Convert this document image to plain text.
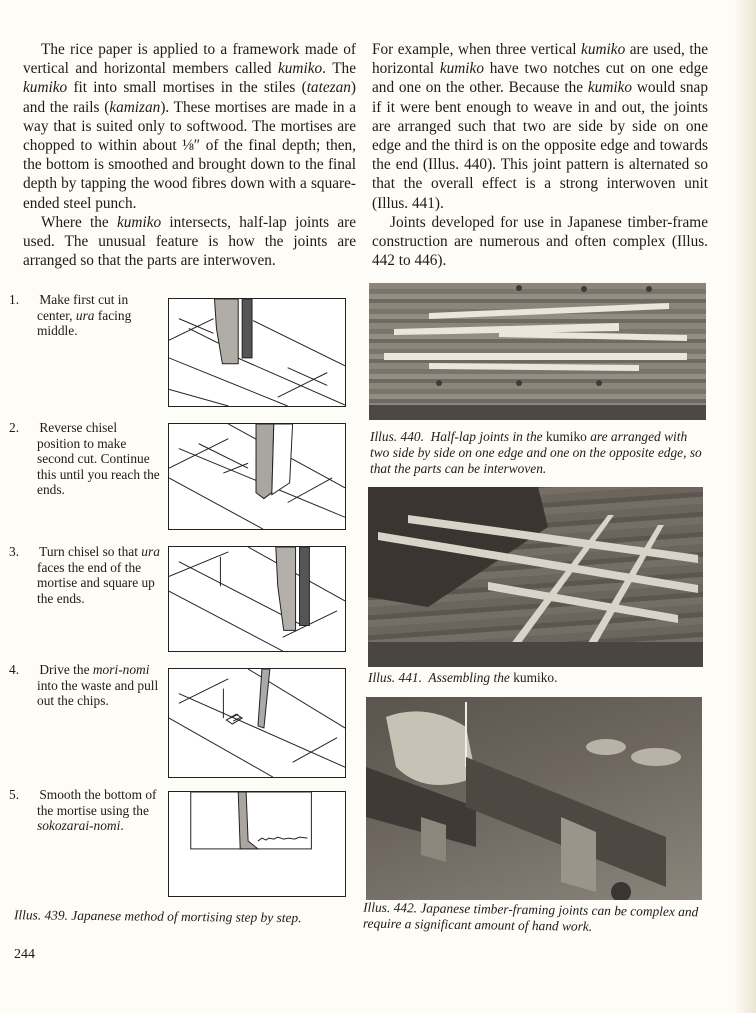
The rice paper is applied to a framework made of vertical and horizontal members called kumiko. The kumiko fit into small mortises in the stiles (tatezan) and the rails (kamizan). These mortises are made in a way that is suited only to softwood. The mortises are chopped to within about ⅛″ of the final depth; then, the bottom is smoothed and brought down to the final depth by tapping the wood fibres down with a square-ended steel punch.

Where the kumiko intersects, half-lap joints are used. The unusual feature is how the joints are arranged so that the parts are interwoven.

For example, when three vertical kumiko are used, the horizontal kumiko have two notches cut on one edge and one on the other. Because the kumiko would snap if it were bent enough to weave in and out, the joints are arranged such that two are side by side on one edge and the third is on the opposite edge and towards the end (Illus. 440). This joint pattern is alternated so that the overall effect is a strong interwoven unit (Illus. 441).

Joints developed for use in Japanese timber-frame construction are numerous and often complex (Illus. 442 to 446).

1. Make first cut in center, ura facing middle.
2. Reverse chisel position to make second cut. Continue this until you reach the ends.
3. Turn chisel so that ura faces the end of the mortise and square up the ends.
4. Drive the mori-nomi into the waste and pull out the chips.
5. Smooth the bottom of the mortise using the sokozarai-nomi.
Illus. 440.  Half-lap joints in the kumiko are arranged with two side by side on one edge and one on the opposite edge, so that the parts can be interwoven.
Illus. 441.  Assembling the kumiko.
Illus. 442. Japanese timber-framing joints can be complex and require a significant amount of hand work.
Illus. 439. Japanese method of mortising step by step.
244
